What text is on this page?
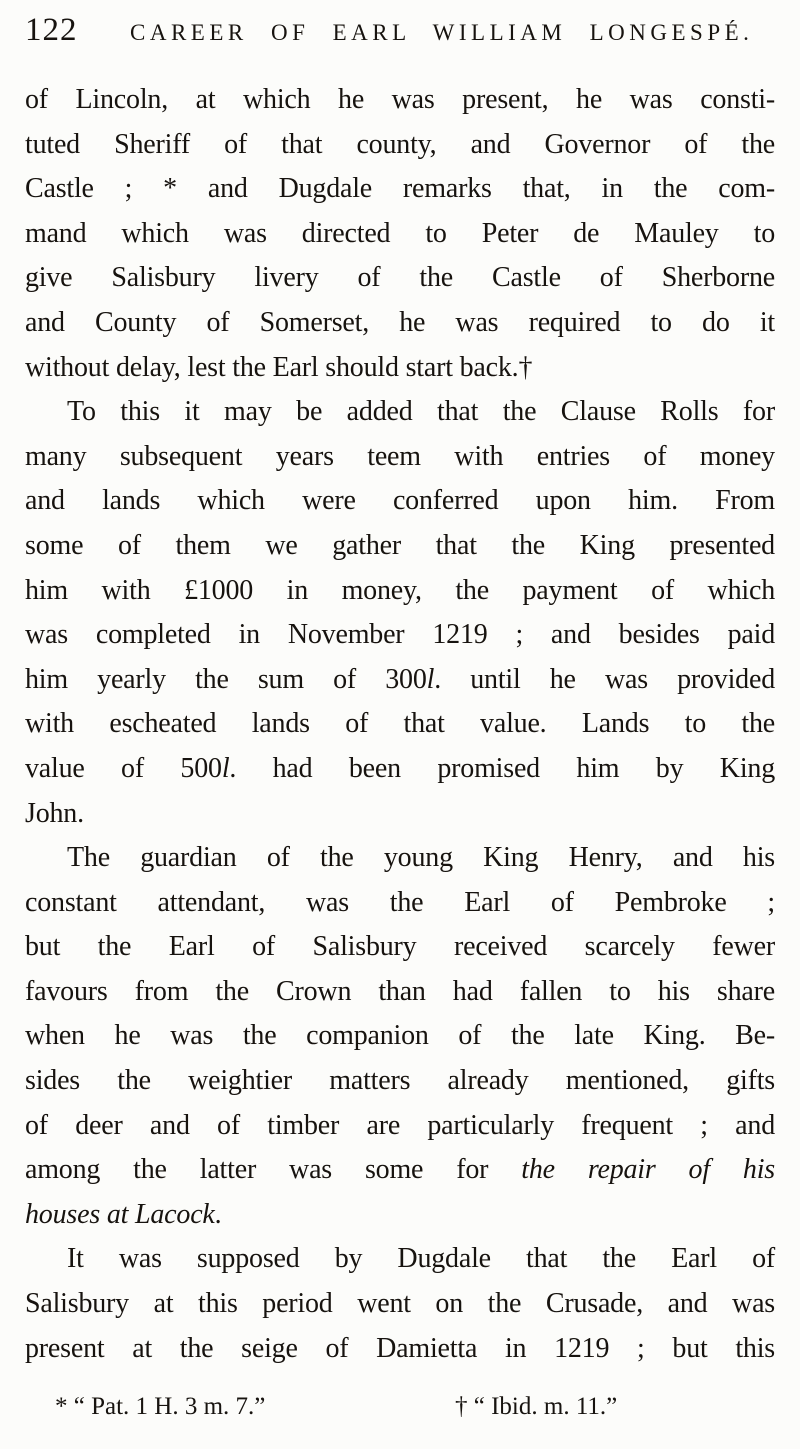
122	CAREER OF EARL WILLIAM LONGESPÉ.
of Lincoln, at which he was present, he was consti-
tuted Sheriff of that county, and Governor of the
Castle ; * and Dugdale remarks that, in the com-
mand which was directed to Peter de Mauley to
give Salisbury livery of the Castle of Sherborne
and County of Somerset, he was required to do it
without delay, lest the Earl should start back.†
To this it may be added that the Clause Rolls for
many subsequent years teem with entries of money
and lands which were conferred upon him. From
some of them we gather that the King presented
him with £1000 in money, the payment of which
was completed in November 1219 ; and besides paid
him yearly the sum of 300l. until he was provided
with escheated lands of that value. Lands to the
value of 500l. had been promised him by King
John.
The guardian of the young King Henry, and his
constant attendant, was the Earl of Pembroke ;
but the Earl of Salisbury received scarcely fewer
favours from the Crown than had fallen to his share
when he was the companion of the late King. Be-
sides the weightier matters already mentioned, gifts
of deer and of timber are particularly frequent ; and
among the latter was some for the repair of his
houses at Lacock.
It was supposed by Dugdale that the Earl of
Salisbury at this period went on the Crusade, and was
present at the seige of Damietta in 1219 ; but this
* “ Pat. 1 H. 3 m. 7.”	† “ Ibid. m. 11.”
